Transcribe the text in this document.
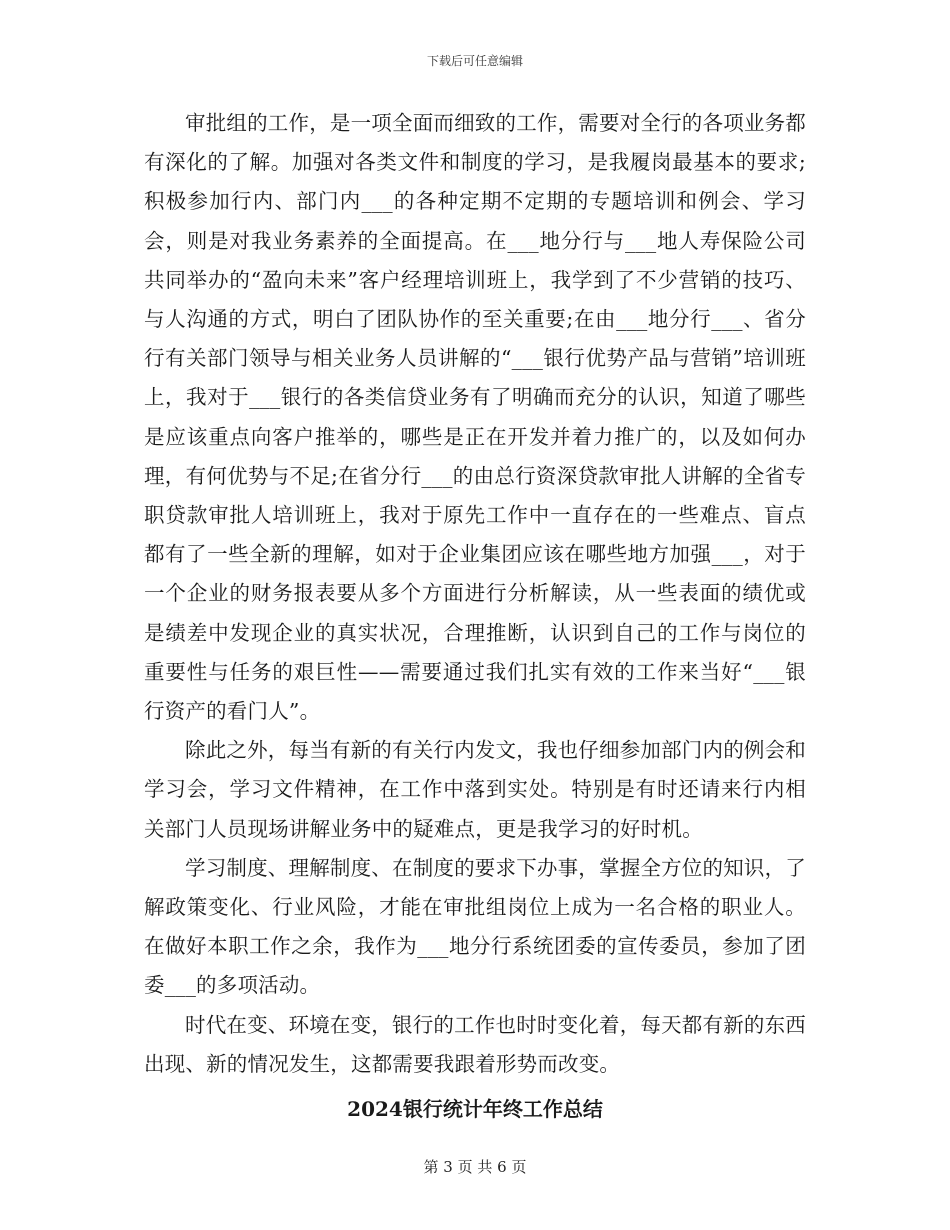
下载后可任意编辑

审批组的工作，是一项全面而细致的工作，需要对全行的各项业务都有深化的了解。加强对各类文件和制度的学习，是我履岗最基本的要求;积极参加行内、部门内___的各种定期不定期的专题培训和例会、学习会，则是对我业务素养的全面提高。在___地分行与___地人寿保险公司共同举办的“盈向未来”客户经理培训班上，我学到了不少营销的技巧、与人沟通的方式，明白了团队协作的至关重要;在由___地分行___、省分行有关部门领导与相关业务人员讲解的“___银行优势产品与营销”培训班上，我对于___银行的各类信贷业务有了明确而充分的认识，知道了哪些是应该重点向客户推举的，哪些是正在开发并着力推广的，以及如何办理，有何优势与不足;在省分行___的由总行资深贷款审批人讲解的全省专职贷款审批人培训班上，我对于原先工作中一直存在的一些难点、盲点都有了一些全新的理解，如对于企业集团应该在哪些地方加强___，对于一个企业的财务报表要从多个方面进行分析解读，从一些表面的绩优或是绩差中发现企业的真实状况，合理推断，认识到自己的工作与岗位的重要性与任务的艰巨性——需要通过我们扎实有效的工作来当好“___银行资产的看门人”。

除此之外，每当有新的有关行内发文，我也仔细参加部门内的例会和学习会，学习文件精神，在工作中落到实处。特别是有时还请来行内相关部门人员现场讲解业务中的疑难点，更是我学习的好时机。

学习制度、理解制度、在制度的要求下办事，掌握全方位的知识，了解政策变化、行业风险，才能在审批组岗位上成为一名合格的职业人。在做好本职工作之余，我作为___地分行系统团委的宣传委员，参加了团委___的多项活动。

时代在变、环境在变，银行的工作也时时变化着，每天都有新的东西出现、新的情况发生，这都需要我跟着形势而改变。

2024银行统计年终工作总结
第 3 页 共 6 页
